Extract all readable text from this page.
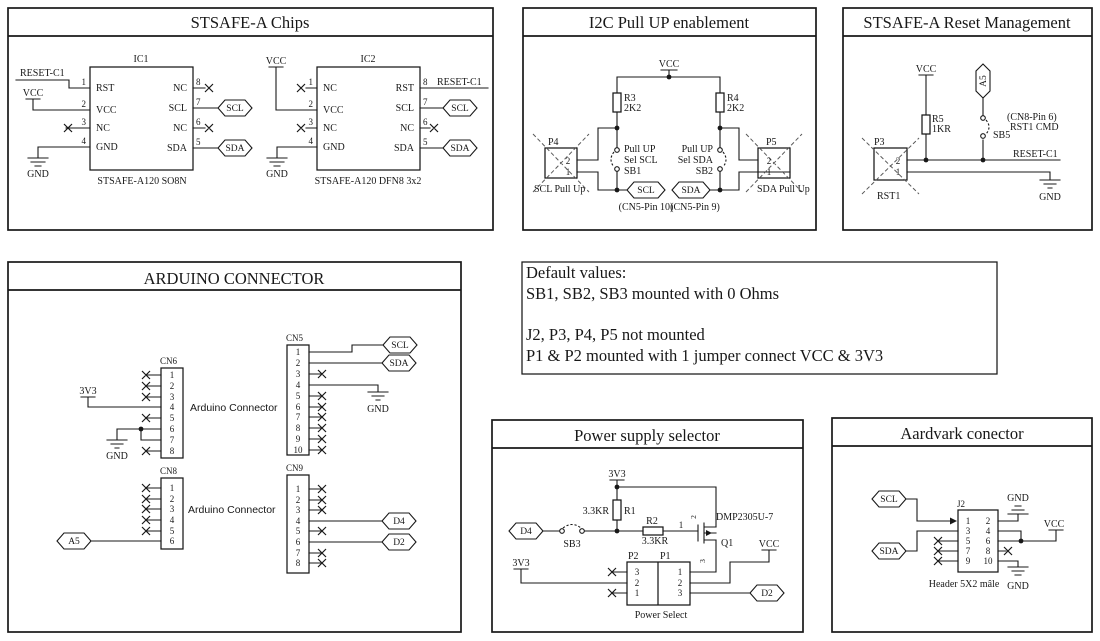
STSAFE-A Chips
IC1	IC2
STSAFE-A120 SO8N	STSAFE-A120 DFN8 3x2
RESET-C1
VCC
GND
VCC
GND
RESET-C1
1
2
3
4
8
7
6
5
RST
VCC
NC
GND
NC
SCL
NC
SDA
1
2
3
4
8
7
6
5
NC
VCC
NC
GND
RST
SCL
NC
SDA
SCL
SDA
SCL
SDA
I2C Pull UP enablement
VCC
R3
2K2
R4
2K2
P4	P5
2
1
2
1
Pull UP
Sel SCL
SB1
Pull UP
Sel SDA
SB2
SCL Pull Up	SDA Pull Up
SCL	SDA
(CN5-Pin 10)
(CN5-Pin 9)
STSAFE-A Reset Management
A5
VCC
R5
1KR
SB5
(CN8-Pin 6)
RST1 CMD
RESET-C1
P3
2
1
RST1	GND
ARDUINO CONNECTOR
CN6
3V3
GND
1
2
3
4
5
6
7
8
Arduino Connector
CN5
GND
SCL
SDA
1
2
3
4
5
6
7
8
9
10
CN8
A5
1
2
3
4
5
6
Arduino Connector
CN9
D4
D2
1
2
3
4
5
6
7
8
Default values:
SB1, SB2, SB3 mounted with 0 Ohms
J2, P3, P4, P5 not mounted
P1 & P2 mounted with 1 jumper connect VCC & 3V3
Power supply selector
D4
D2
3V3
3.3KR R1
SB3
R2
3.3KR
1
2
3
DMP2305U-7
Q1	VCC
3V3
P2 P1
3
2
1
1
2
3
Power Select
Aardvark conector
J2
SCL
SDA
1
3
5
7
9
2
4
6
8
10
GND
VCC
GND
Header 5X2 mâle
